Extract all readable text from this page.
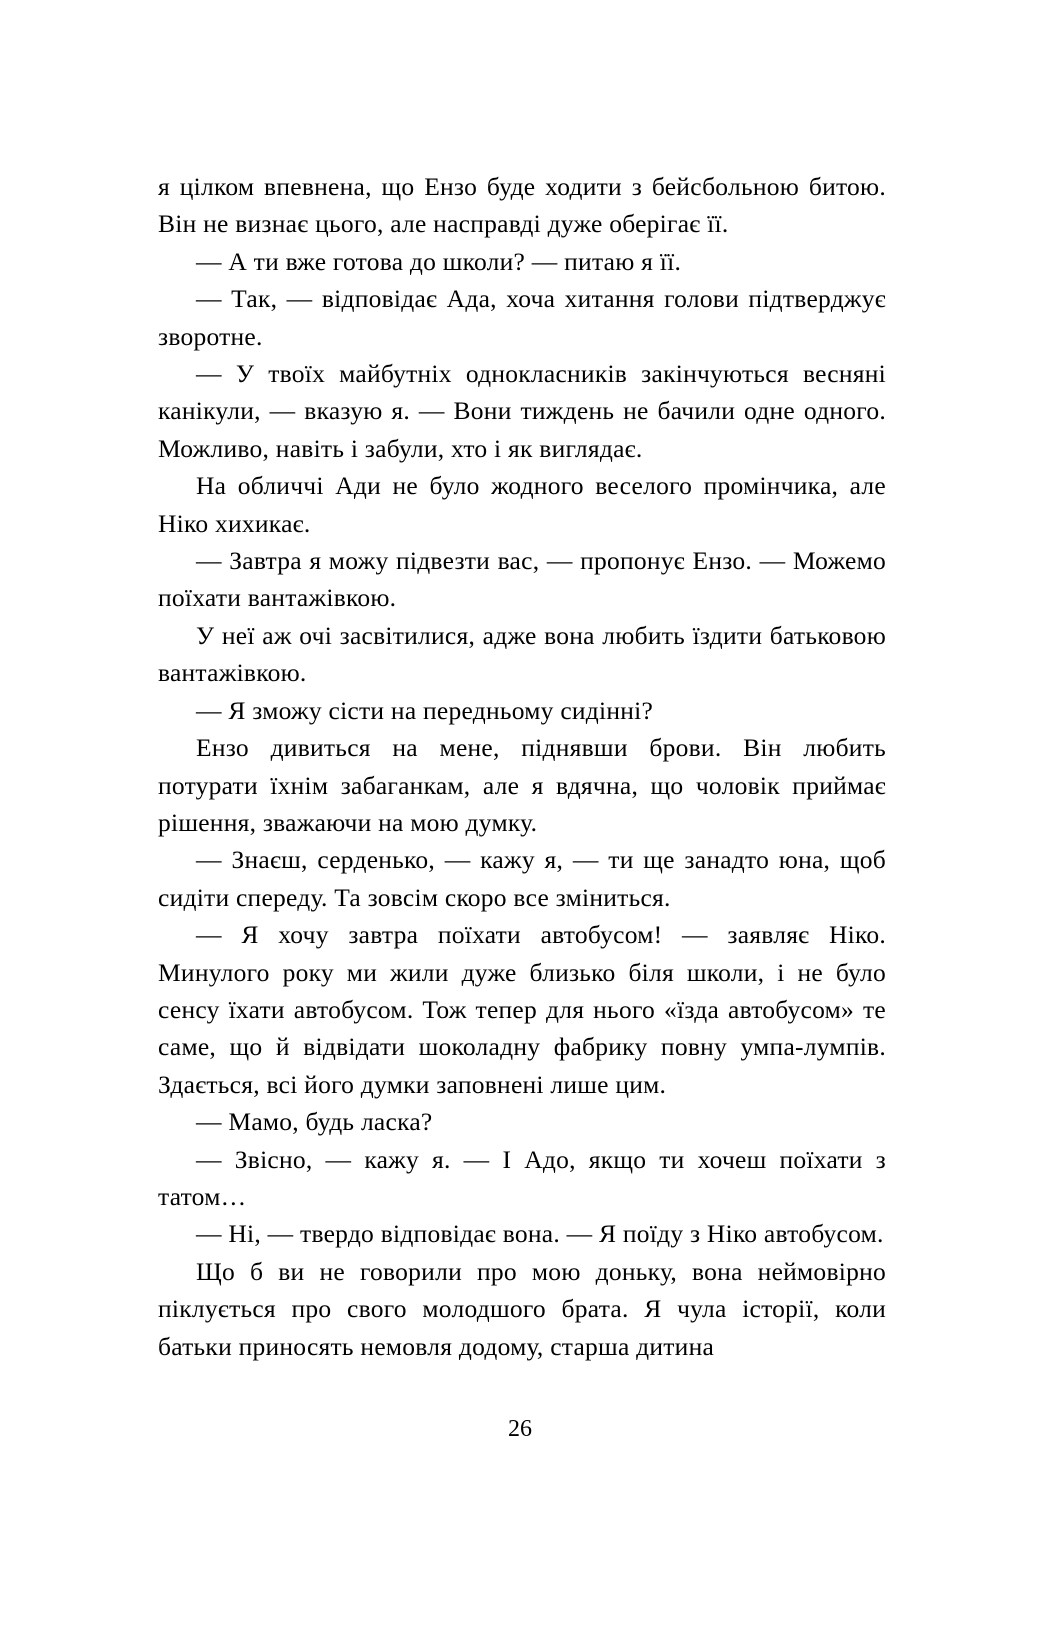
я цілком впевнена, що Ензо буде ходити з бейсбольною битою. Він не визнає цього, але насправді дуже оберігає її.

— А ти вже готова до школи? — питаю я її.

— Так, — відповідає Ада, хоча хитання голови підтверджує зворотне.

— У твоїх майбутніх однокласників закінчуються весняні канікули, — вказую я. — Вони тиждень не бачили одне одного. Можливо, навіть і забули, хто і як виглядає.

На обличчі Ади не було жодного веселого промінчика, але Ніко хихикає.

— Завтра я можу підвезти вас, — пропонує Ензо. — Можемо поїхати вантажівкою.

У неї аж очі засвітилися, адже вона любить їздити батьковою вантажівкою.

— Я зможу сісти на передньому сидінні?

Ензо дивиться на мене, піднявши брови. Він любить потурати їхнім забаганкам, але я вдячна, що чоловік приймає рішення, зважаючи на мою думку.

— Знаєш, серденько, — кажу я, — ти ще занадто юна, щоб сидіти спереду. Та зовсім скоро все зміниться.

— Я хочу завтра поїхати автобусом! — заявляє Ніко. Минулого року ми жили дуже близько біля школи, і не було сенсу їхати автобусом. Тож тепер для нього «їзда автобусом» те саме, що й відвідати шоколадну фабрику повну умпа-лумпів. Здається, всі його думки заповнені лише цим.

— Мамо, будь ласка?

— Звісно, — кажу я. — І Адо, якщо ти хочеш поїхати з татом…

— Ні, — твердо відповідає вона. — Я поїду з Ніко автобусом.

Що б ви не говорили про мою доньку, вона неймовірно піклується про свого молодшого брата. Я чула історії, коли батьки приносять немовля додому, старша дитина

26
